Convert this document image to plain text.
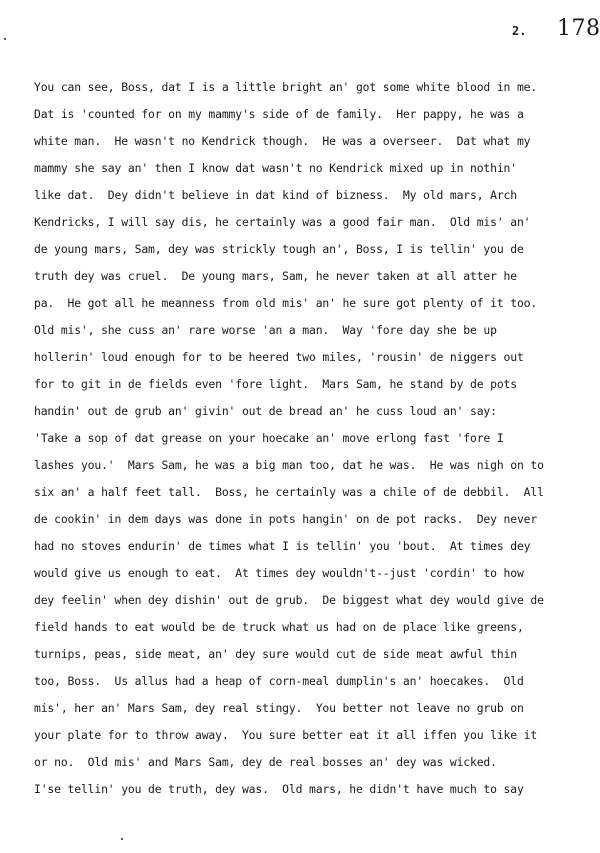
2. 178
You can see, Boss, dat I is a little bright an' got some white blood in me.
Dat is 'counted for on my mammy's side of de family.  Her pappy, he was a
white man.  He wasn't no Kendrick though.  He was a overseer.  Dat what my
mammy she say an' then I know dat wasn't no Kendrick mixed up in nothin'
like dat.  Dey didn't believe in dat kind of bizness.  My old mars, Arch
Kendricks, I will say dis, he certainly was a good fair man.  Old mis' an'
de young mars, Sam, dey was strickly tough an', Boss, I is tellin' you de
truth dey was cruel.  De young mars, Sam, he never taken at all atter he
pa.  He got all he meanness from old mis' an' he sure got plenty of it too.
Old mis', she cuss an' rare worse 'an a man.  Way 'fore day she be up
hollerin' loud enough for to be heered two miles, 'rousin' de niggers out
for to git in de fields even 'fore light.  Mars Sam, he stand by de pots
handin' out de grub an' givin' out de bread an' he cuss loud an' say:
'Take a sop of dat grease on your hoecake an' move erlong fast 'fore I
lashes you.'  Mars Sam, he was a big man too, dat he was.  He was nigh on to
six an' a half feet tall.  Boss, he certainly was a chile of de debbil.  All
de cookin' in dem days was done in pots hangin' on de pot racks.  Dey never
had no stoves endurin' de times what I is tellin' you 'bout.  At times dey
would give us enough to eat.  At times dey wouldn't--just 'cordin' to how
dey feelin' when dey dishin' out de grub.  De biggest what dey would give de
field hands to eat would be de truck what us had on de place like greens,
turnips, peas, side meat, an' dey sure would cut de side meat awful thin
too, Boss.  Us allus had a heap of corn-meal dumplin's an' hoecakes.  Old
mis', her an' Mars Sam, dey real stingy.  You better not leave no grub on
your plate for to throw away.  You sure better eat it all iffen you like it
or no.  Old mis' and Mars Sam, dey de real bosses an' dey was wicked.
I'se tellin' you de truth, dey was.  Old mars, he didn't have much to say
